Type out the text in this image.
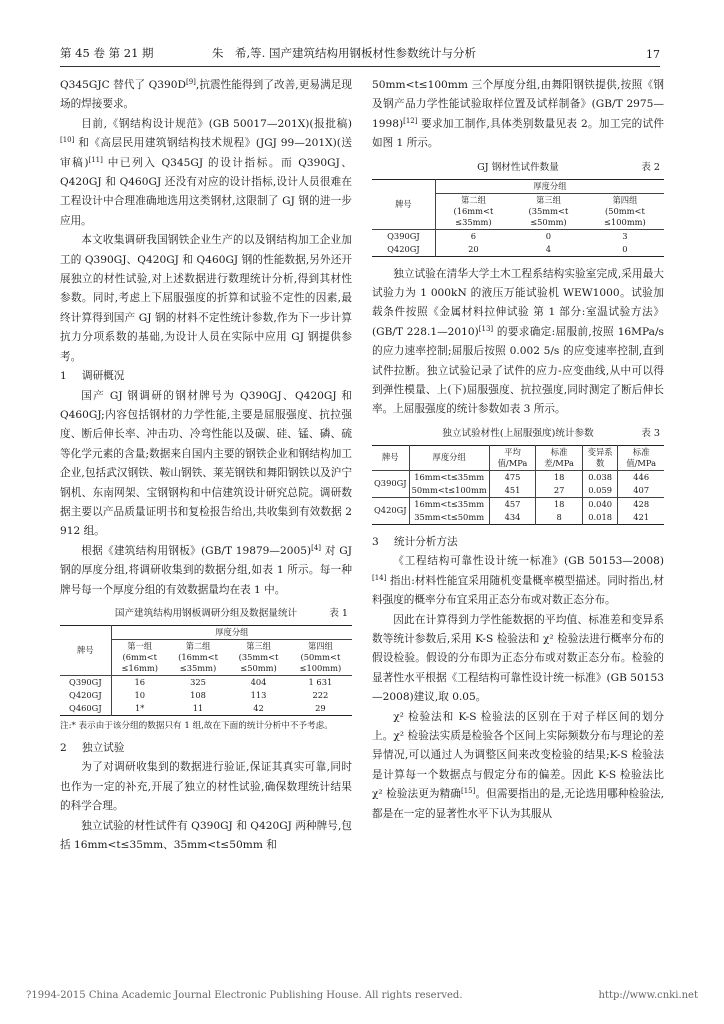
第 45 卷 第 21 期	朱　希,等. 国产建筑结构用钢板材性参数统计与分析	17

Q345GJC 替代了 Q390D[9],抗震性能得到了改善,更易满足现场的焊接要求。

目前,《钢结构设计规范》(GB 50017—201X)(报批稿)[10] 和《高层民用建筑钢结构技术规程》(JGJ 99—201X)(送审稿)[11] 中已列入 Q345GJ 的设计指标。而 Q390GJ、Q420GJ 和 Q460GJ 还没有对应的设计指标,设计人员很难在工程设计中合理准确地选用这类钢材,这限制了 GJ 钢的进一步应用。

本文收集调研我国钢铁企业生产的以及钢结构加工企业加工的 Q390GJ、Q420GJ 和 Q460GJ 钢的性能数据,另外还开展独立的材性试验,对上述数据进行数理统计分析,得到其材性参数。同时,考虑上下屈服强度的折算和试验不定性的因素,最终计算得到国产 GJ 钢的材料不定性统计参数,作为下一步计算抗力分项系数的基础,为设计人员在实际中应用 GJ 钢提供参考。

1 调研概况

国产 GJ 钢调研的钢材牌号为 Q390GJ、Q420GJ 和 Q460GJ;内容包括钢材的力学性能,主要是屈服强度、抗拉强度、断后伸长率、冲击功、冷弯性能以及碳、硅、锰、磷、硫等化学元素的含量;数据来自国内主要的钢铁企业和钢结构加工企业,包括武汉钢铁、鞍山钢铁、莱芜钢铁和舞阳钢铁以及沪宁钢机、东南网架、宝钢钢构和中信建筑设计研究总院。调研数据主要以产品质量证明书和复检报告给出,共收集到有效数据 2 912 组。

根据《建筑结构用钢板》(GB/T 19879—2005)[4] 对 GJ 钢的厚度分组,将调研收集到的数据分组,如表 1 所示。每一种牌号每一个厚度分组的有效数据量均在表 1 中。

国产建筑结构用钢板调研分组及数据量统计	表 1
牌号	厚度分组			
	第一组
(6mm<t
≤16mm)	第二组
(16mm<t
≤35mm)	第三组
(35mm<t
≤50mm)	第四组
(50mm<t
≤100mm)
Q390GJ	16	325	404	1 631
Q420GJ	10	108	113	222
Q460GJ	1*	11	42	29
注:* 表示由于该分组的数据只有 1 组,故在下面的统计分析中不予考虑。

2 独立试验

为了对调研收集到的数据进行验证,保证其真实可靠,同时也作为一定的补充,开展了独立的材性试验,确保数理统计结果的科学合理。

独立试验的材性试件有 Q390GJ 和 Q420GJ 两种牌号,包括 16mm<t≤35mm、35mm<t≤50mm 和

50mm<t≤100mm 三个厚度分组,由舞阳钢铁提供,按照《钢及钢产品力学性能试验取样位置及试样制备》(GB/T 2975—1998)[12] 要求加工制作,具体类别数量见表 2。加工完的试件如图 1 所示。

GJ 钢材性试件数量	表 2
牌号	厚度分组		
	第二组
(16mm<t
≤35mm)	第三组
(35mm<t
≤50mm)	第四组
(50mm<t
≤100mm)
Q390GJ	6	0	3
Q420GJ	20	4	0

独立试验在清华大学土木工程系结构实验室完成,采用最大试验力为 1 000kN 的液压万能试验机 WEW1000。试验加载条件按照《金属材料拉伸试验 第 1 部分:室温试验方法》(GB/T 228.1—2010)[13] 的要求确定:屈服前,按照 16MPa/s 的应力速率控制;屈服后按照 0.002 5/s 的应变速率控制,直到试件拉断。独立试验记录了试件的应力-应变曲线,从中可以得到弹性模量、上(下)屈服强度、抗拉强度,同时测定了断后伸长率。上屈服强度的统计参数如表 3 所示。

独立试验材性(上屈服强度)统计参数	表 3
牌号	厚度分组	平均值/MPa	标准差/MPa	变异系数	标准值/MPa
Q390GJ	16mm<t≤35mm	475	18	0.038	446
	50mm<t≤100mm	451	27	0.059	407
Q420GJ	16mm<t≤35mm	457	18	0.040	428
	35mm<t≤50mm	434	8	0.018	421

3 统计分析方法

《工程结构可靠性设计统一标准》(GB 50153—2008)[14] 指出:材料性能宜采用随机变量概率模型描述。同时指出,材料强度的概率分布宜采用正态分布或对数正态分布。

因此在计算得到力学性能数据的平均值、标准差和变异系数等统计参数后,采用 K-S 检验法和 χ² 检验法进行概率分布的假设检验。假设的分布即为正态分布或对数正态分布。检验的显著性水平根据《工程结构可靠性设计统一标准》(GB 50153—2008)建议,取 0.05。

χ² 检验法和 K-S 检验法的区别在于对子样区间的划分上。χ² 检验法实质是检验各个区间上实际频数分布与理论的差异情况,可以通过人为调整区间来改变检验的结果;K-S 检验法是计算每一个数据点与假定分布的偏差。因此 K-S 检验法比 χ² 检验法更为精确[15]。但需要指出的是,无论选用哪种检验法,都是在一定的显著性水平下认为其服从

?1994-2015 China Academic Journal Electronic Publishing House. All rights reserved.	http://www.cnki.net
